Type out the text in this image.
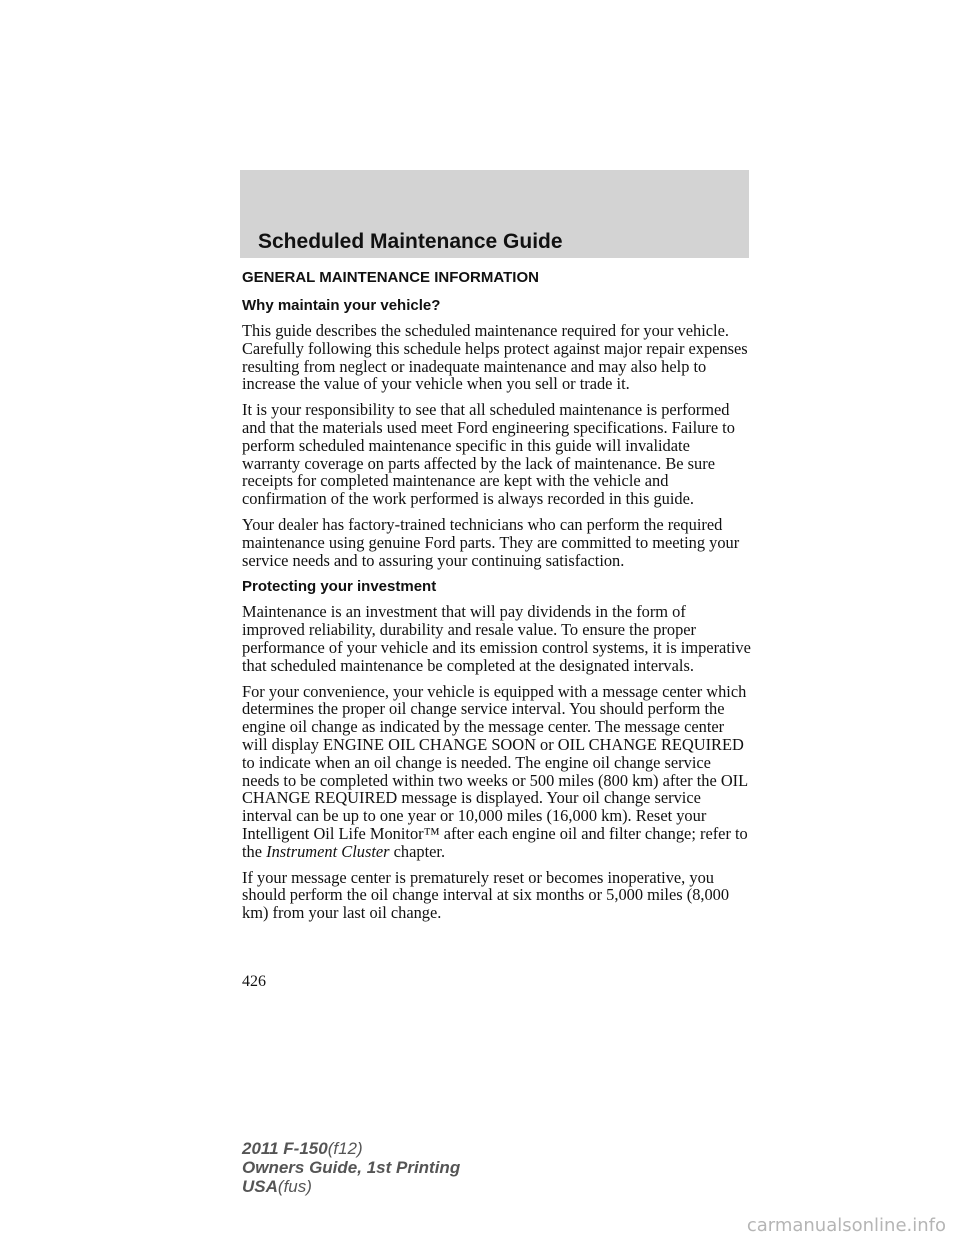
Scheduled Maintenance Guide
GENERAL MAINTENANCE INFORMATION
Why maintain your vehicle?

This guide describes the scheduled maintenance required for your vehicle. Carefully following this schedule helps protect against major repair expenses resulting from neglect or inadequate maintenance and may also help to increase the value of your vehicle when you sell or trade it.

It is your responsibility to see that all scheduled maintenance is performed and that the materials used meet Ford engineering specifications. Failure to perform scheduled maintenance specific in this guide will invalidate warranty coverage on parts affected by the lack of maintenance. Be sure receipts for completed maintenance are kept with the vehicle and confirmation of the work performed is always recorded in this guide.

Your dealer has factory-trained technicians who can perform the required maintenance using genuine Ford parts. They are committed to meeting your service needs and to assuring your continuing satisfaction.

Protecting your investment

Maintenance is an investment that will pay dividends in the form of improved reliability, durability and resale value. To ensure the proper performance of your vehicle and its emission control systems, it is imperative that scheduled maintenance be completed at the designated intervals.

For your convenience, your vehicle is equipped with a message center which determines the proper oil change service interval. You should perform the engine oil change as indicated by the message center. The message center will display ENGINE OIL CHANGE SOON or OIL CHANGE REQUIRED to indicate when an oil change is needed. The engine oil change service needs to be completed within two weeks or 500 miles (800 km) after the OIL CHANGE REQUIRED message is displayed. Your oil change service interval can be up to one year or 10,000 miles (16,000 km). Reset your Intelligent Oil Life Monitor™ after each engine oil and filter change; refer to the Instrument Cluster chapter.

If your message center is prematurely reset or becomes inoperative, you should perform the oil change interval at six months or 5,000 miles (8,000 km) from your last oil change.

426
2011 F-150(f12)
Owners Guide, 1st Printing
USA(fus)
carmanualsonline.info
